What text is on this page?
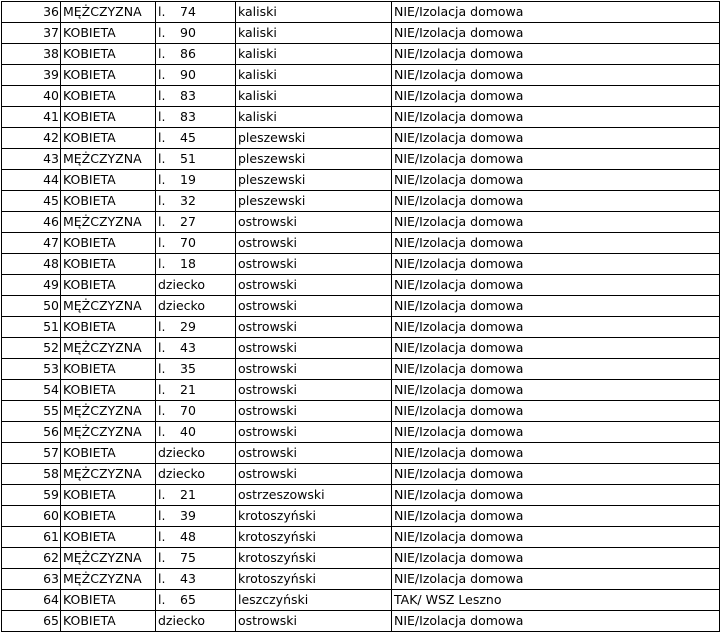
36	MĘŻCZYZNA	l. 74	kaliski	NIE/Izolacja domowa
37	KOBIETA	l. 90	kaliski	NIE/Izolacja domowa
38	KOBIETA	l. 86	kaliski	NIE/Izolacja domowa
39	KOBIETA	l. 90	kaliski	NIE/Izolacja domowa
40	KOBIETA	l. 83	kaliski	NIE/Izolacja domowa
41	KOBIETA	l. 83	kaliski	NIE/Izolacja domowa
42	KOBIETA	l. 45	pleszewski	NIE/Izolacja domowa
43	MĘŻCZYZNA	l. 51	pleszewski	NIE/Izolacja domowa
44	KOBIETA	l. 19	pleszewski	NIE/Izolacja domowa
45	KOBIETA	l. 32	pleszewski	NIE/Izolacja domowa
46	MĘŻCZYZNA	l. 27	ostrowski	NIE/Izolacja domowa
47	KOBIETA	l. 70	ostrowski	NIE/Izolacja domowa
48	KOBIETA	l. 18	ostrowski	NIE/Izolacja domowa
49	KOBIETA	dziecko	ostrowski	NIE/Izolacja domowa
50	MĘŻCZYZNA	dziecko	ostrowski	NIE/Izolacja domowa
51	KOBIETA	l. 29	ostrowski	NIE/Izolacja domowa
52	MĘŻCZYZNA	l. 43	ostrowski	NIE/Izolacja domowa
53	KOBIETA	l. 35	ostrowski	NIE/Izolacja domowa
54	KOBIETA	l. 21	ostrowski	NIE/Izolacja domowa
55	MĘŻCZYZNA	l. 70	ostrowski	NIE/Izolacja domowa
56	MĘŻCZYZNA	l. 40	ostrowski	NIE/Izolacja domowa
57	KOBIETA	dziecko	ostrowski	NIE/Izolacja domowa
58	MĘŻCZYZNA	dziecko	ostrowski	NIE/Izolacja domowa
59	KOBIETA	l. 21	ostrzeszowski	NIE/Izolacja domowa
60	KOBIETA	l. 39	krotoszyński	NIE/Izolacja domowa
61	KOBIETA	l. 48	krotoszyński	NIE/Izolacja domowa
62	MĘŻCZYZNA	l. 75	krotoszyński	NIE/Izolacja domowa
63	MĘŻCZYZNA	l. 43	krotoszyński	NIE/Izolacja domowa
64	KOBIETA	l. 65	leszczyński	TAK/ WSZ Leszno
65	KOBIETA	dziecko	ostrowski	NIE/Izolacja domowa
